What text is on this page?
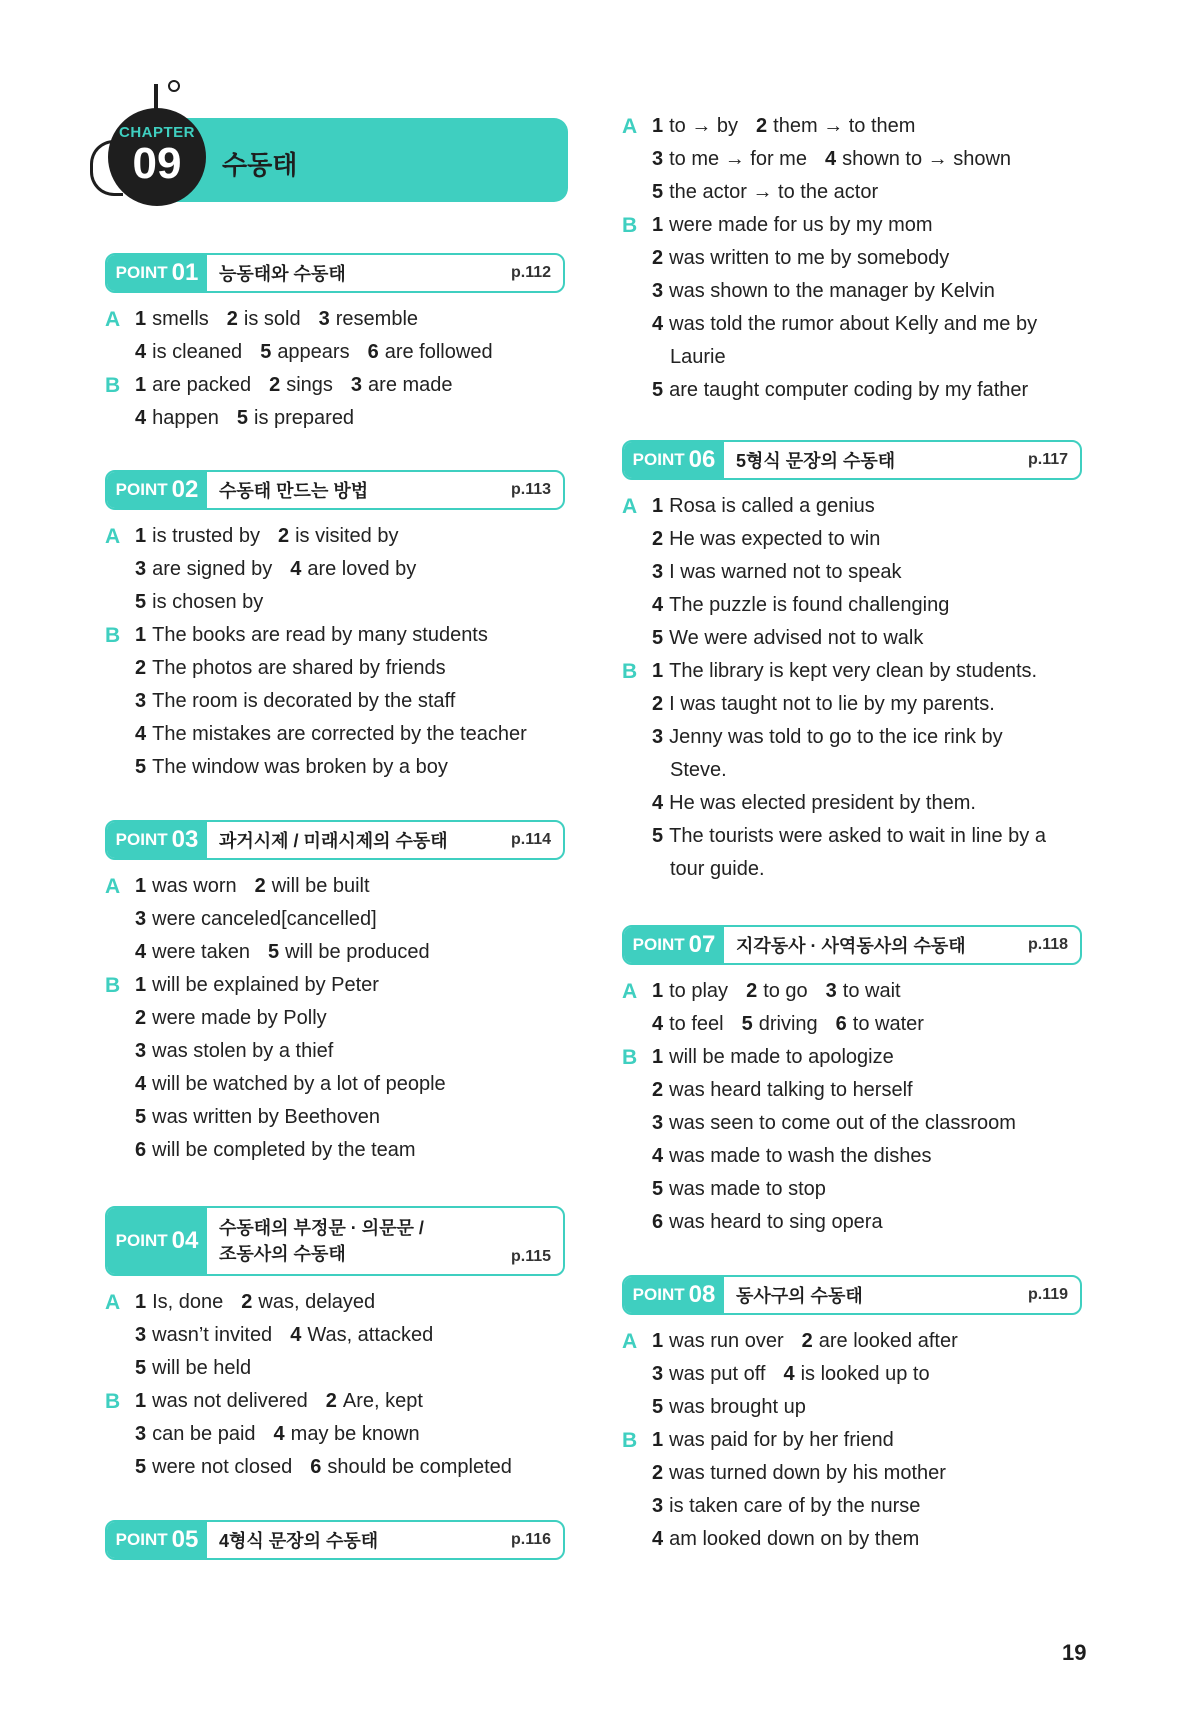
CHAPTER
09	수동태
POINT 01 능동태와 수동태	p.112
A 1 smells 2 is sold 3 resemble
4 is cleaned 5 appears 6 are followed
B 1 are packed 2 sings 3 are made
4 happen 5 is prepared
POINT 02 수동태 만드는 방법	p.113
A 1 is trusted by 2 is visited by
3 are signed by 4 are loved by
5 is chosen by
B 1 The books are read by many students
2 The photos are shared by friends
3 The room is decorated by the staff
4 The mistakes are corrected by the teacher
5 The window was broken by a boy
POINT 03 과거시제 / 미래시제의 수동태	p.114
A 1 was worn 2 will be built
3 were canceled[cancelled]
4 were taken 5 will be produced
B 1 will be explained by Peter
2 were made by Polly
3 was stolen by a thief
4 will be watched by a lot of people
5 was written by Beethoven
6 will be completed by the team
POINT 04 수동태의 부정문 · 의문문 /
조동사의 수동태	p.115
A 1 Is, done 2 was, delayed
3 wasn’t invited 4 Was, attacked
5 will be held
B 1 was not delivered 2 Are, kept
3 can be paid 4 may be known
5 were not closed 6 should be completed
POINT 05 4형식 문장의 수동태	p.116
A 1 to → by 2 them → to them
3 to me → for me 4 shown to → shown
5 the actor → to the actor
B 1 were made for us by my mom
2 was written to me by somebody
3 was shown to the manager by Kelvin
4 was told the rumor about Kelly and me by
Laurie
5 are taught computer coding by my father
POINT 06 5형식 문장의 수동태	p.117
A 1 Rosa is called a genius
2 He was expected to win
3 I was warned not to speak
4 The puzzle is found challenging
5 We were advised not to walk
B 1 The library is kept very clean by students.
2 I was taught not to lie by my parents.
3 Jenny was told to go to the ice rink by
Steve.
4 He was elected president by them.
5 The tourists were asked to wait in line by a
tour guide.
POINT 07 지각동사 · 사역동사의 수동태	p.118
A 1 to play 2 to go 3 to wait
4 to feel 5 driving 6 to water
B 1 will be made to apologize
2 was heard talking to herself
3 was seen to come out of the classroom
4 was made to wash the dishes
5 was made to stop
6 was heard to sing opera
POINT 08 동사구의 수동태	p.119
A 1 was run over 2 are looked after
3 was put off 4 is looked up to
5 was brought up
B 1 was paid for by her friend
2 was turned down by his mother
3 is taken care of by the nurse
4 am looked down on by them
19
